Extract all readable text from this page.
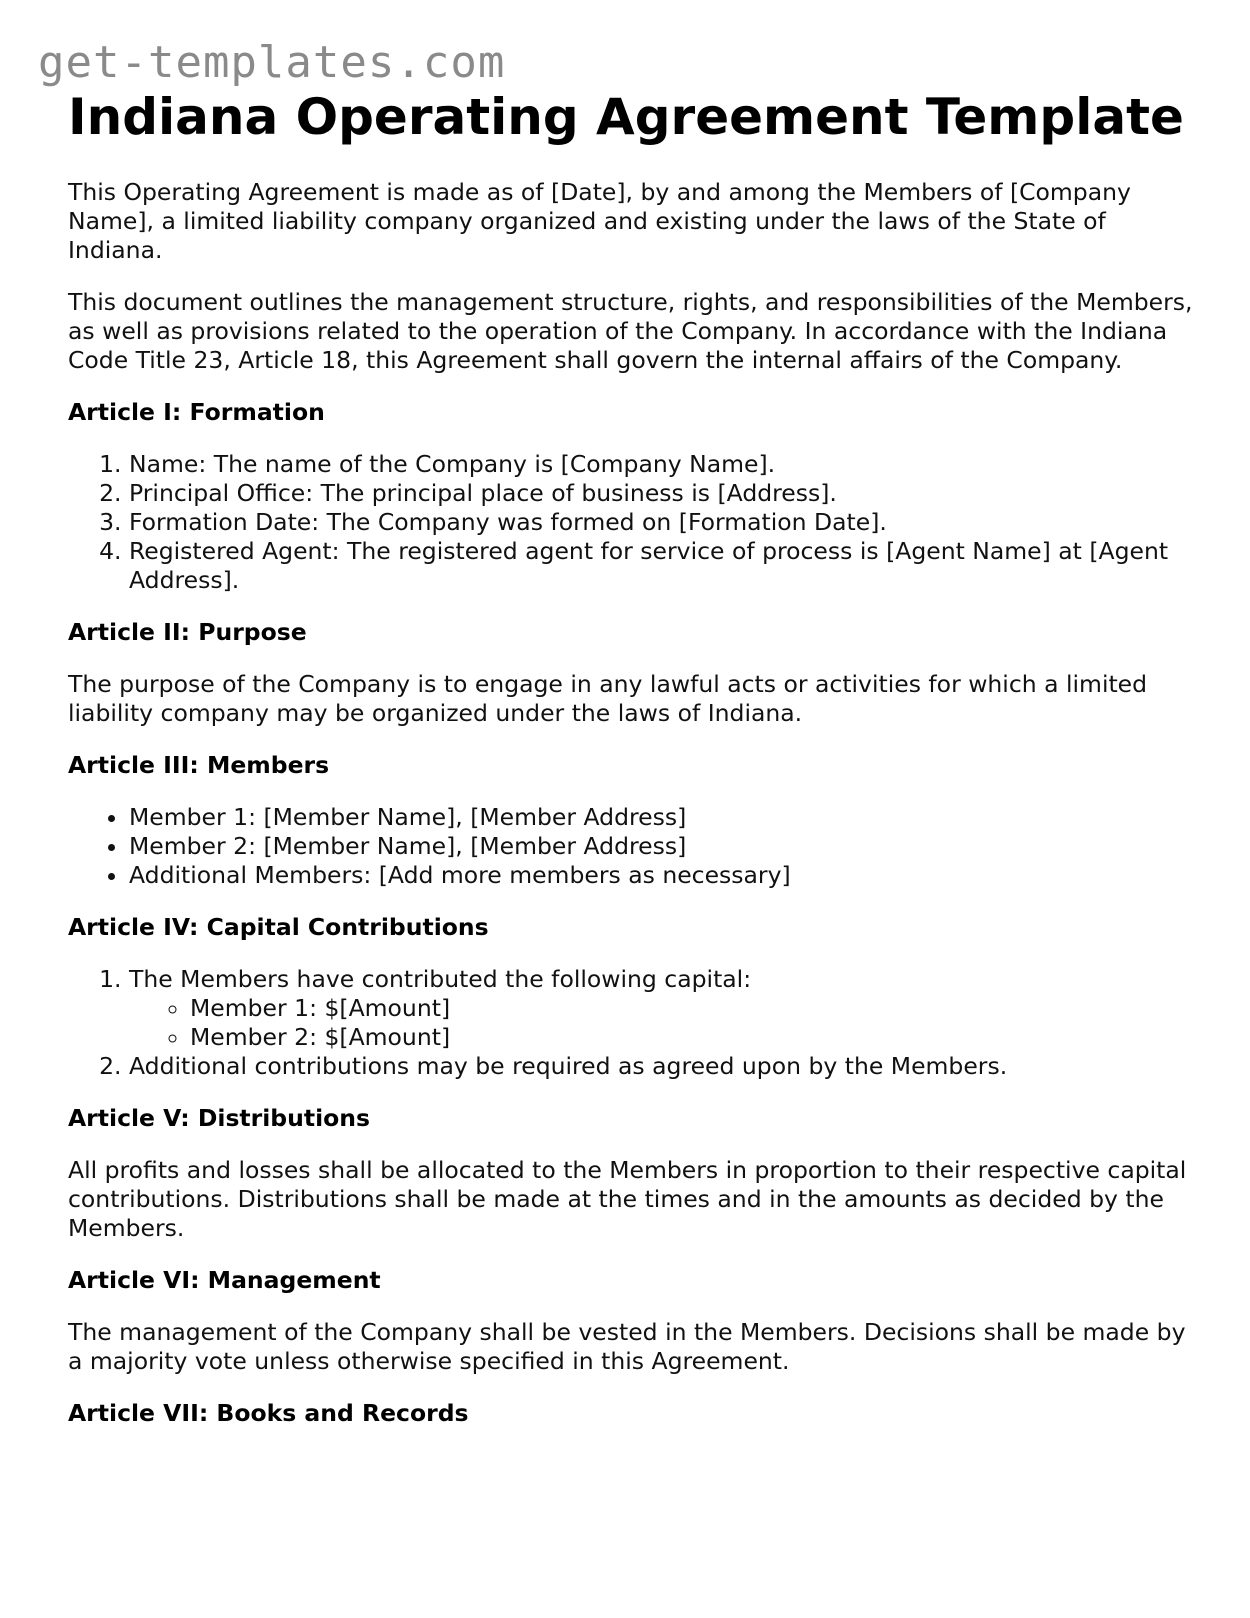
get-templates.com
Indiana Operating Agreement Template

This Operating Agreement is made as of [Date], by and among the Members of [Company Name], a limited liability company organized and existing under the laws of the State of Indiana.

This document outlines the management structure, rights, and responsibilities of the Members, as well as provisions related to the operation of the Company. In accordance with the Indiana Code Title 23, Article 18, this Agreement shall govern the internal affairs of the Company.

Article I: Formation
1. Name: The name of the Company is [Company Name].
2. Principal Office: The principal place of business is [Address].
3. Formation Date: The Company was formed on [Formation Date].
4. Registered Agent: The registered agent for service of process is [Agent Name] at [Agent Address].
Article II: Purpose

The purpose of the Company is to engage in any lawful acts or activities for which a limited liability company may be organized under the laws of Indiana.

Article III: Members
• Member 1: [Member Name], [Member Address]
• Member 2: [Member Name], [Member Address]
• Additional Members: [Add more members as necessary]
Article IV: Capital Contributions
1. The Members have contributed the following capital:
◦ Member 1: $[Amount]
◦ Member 2: $[Amount]
2. Additional contributions may be required as agreed upon by the Members.
Article V: Distributions

All profits and losses shall be allocated to the Members in proportion to their respective capital contributions. Distributions shall be made at the times and in the amounts as decided by the Members.

Article VI: Management

The management of the Company shall be vested in the Members. Decisions shall be made by a majority vote unless otherwise specified in this Agreement.

Article VII: Books and Records
